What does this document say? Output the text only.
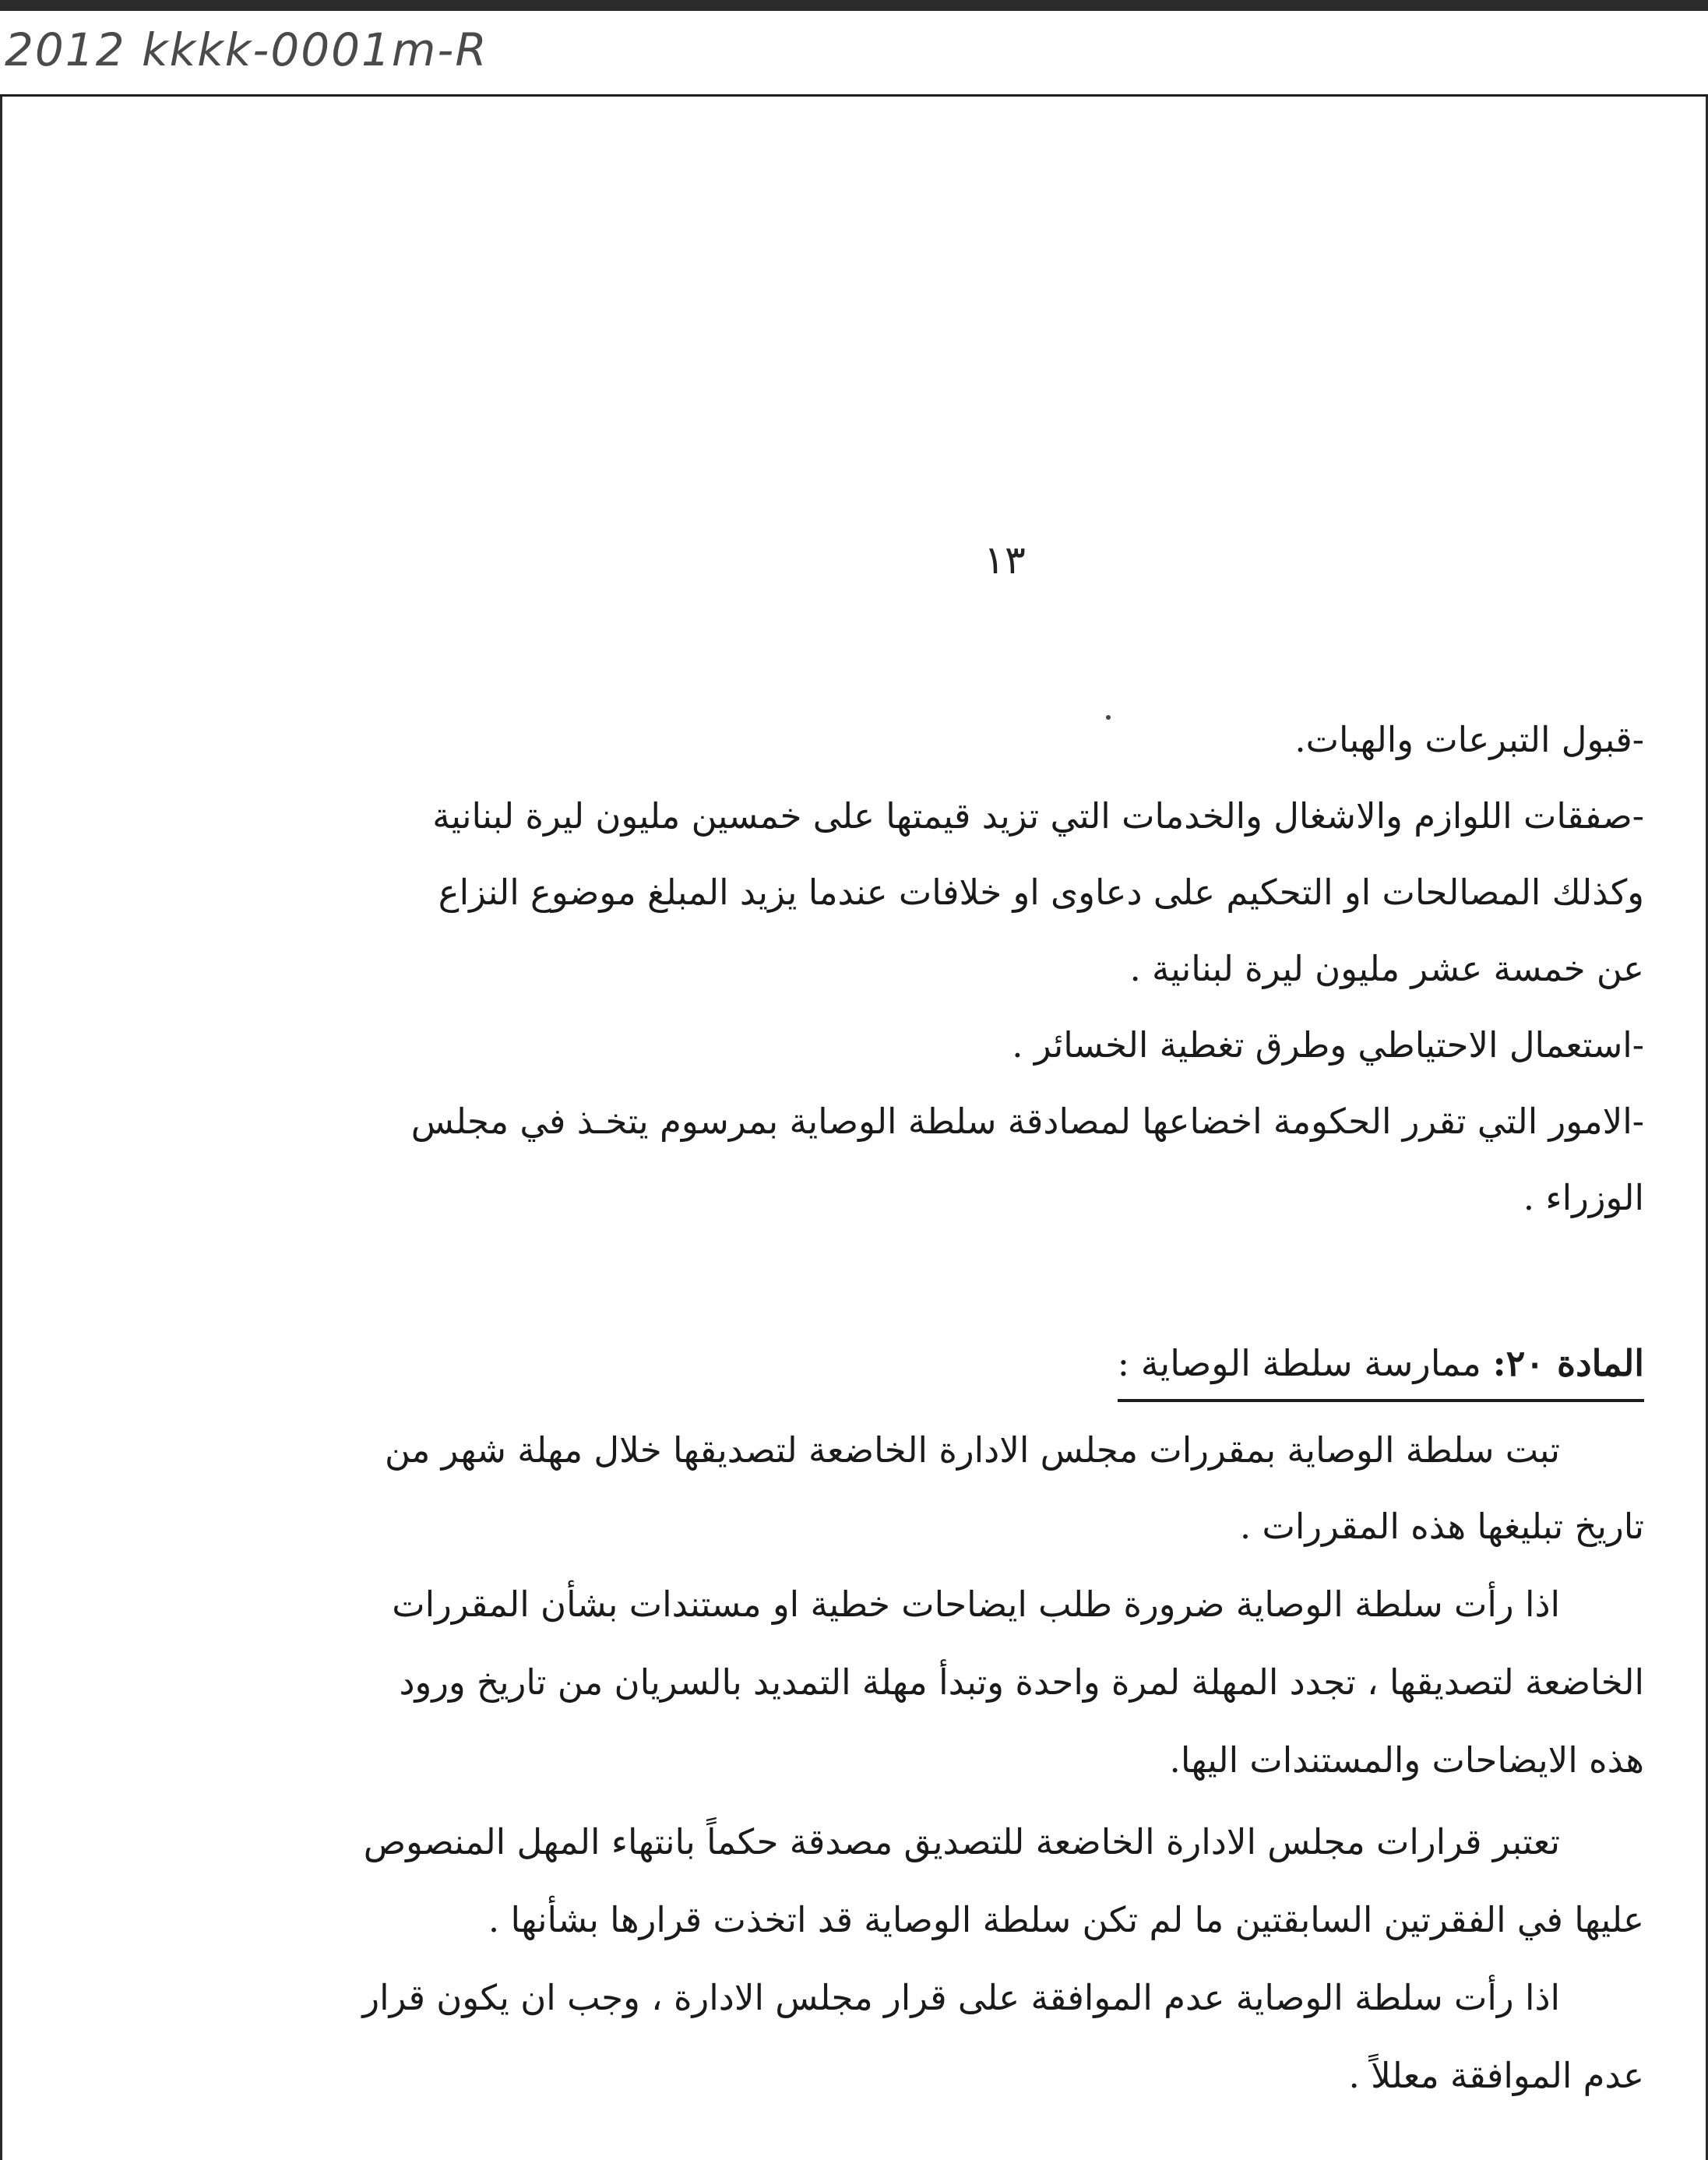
2012 kkkk-0001m-R
١٣
-قبول التبرعات والهبات.
-صفقات اللوازم والاشغال والخدمات التي تزيد قيمتها على خمسين مليون ليرة لبنانية
وكذلك المصالحات او التحكيم على دعاوى او خلافات عندما يزيد المبلغ موضوع النزاع
عن خمسة عشر مليون ليرة لبنانية .
-استعمال الاحتياطي وطرق تغطية الخسائر .
-الامور التي تقرر الحكومة اخضاعها لمصادقة سلطة الوصاية بمرسوم يتخـذ في مجلس
الوزراء .
المادة ٢٠: ممارسة سلطة الوصاية :
تبت سلطة الوصاية بمقررات مجلس الادارة الخاضعة لتصديقها خلال مهلة شهر من
تاريخ تبليغها هذه المقررات .
اذا رأت سلطة الوصاية ضرورة طلب ايضاحات خطية او مستندات بشأن المقررات
الخاضعة لتصديقها ، تجدد المهلة لمرة واحدة وتبدأ مهلة التمديد بالسريان من تاريخ ورود
هذه الايضاحات والمستندات اليها.
تعتبر قرارات مجلس الادارة الخاضعة للتصديق مصدقة حكماً بانتهاء المهل المنصوص
عليها في الفقرتين السابقتين ما لم تكن سلطة الوصاية قد اتخذت قرارها بشأنها .
اذا رأت سلطة الوصاية عدم الموافقة على قرار مجلس الادارة ، وجب ان يكون قرار
عدم الموافقة معللاً .
